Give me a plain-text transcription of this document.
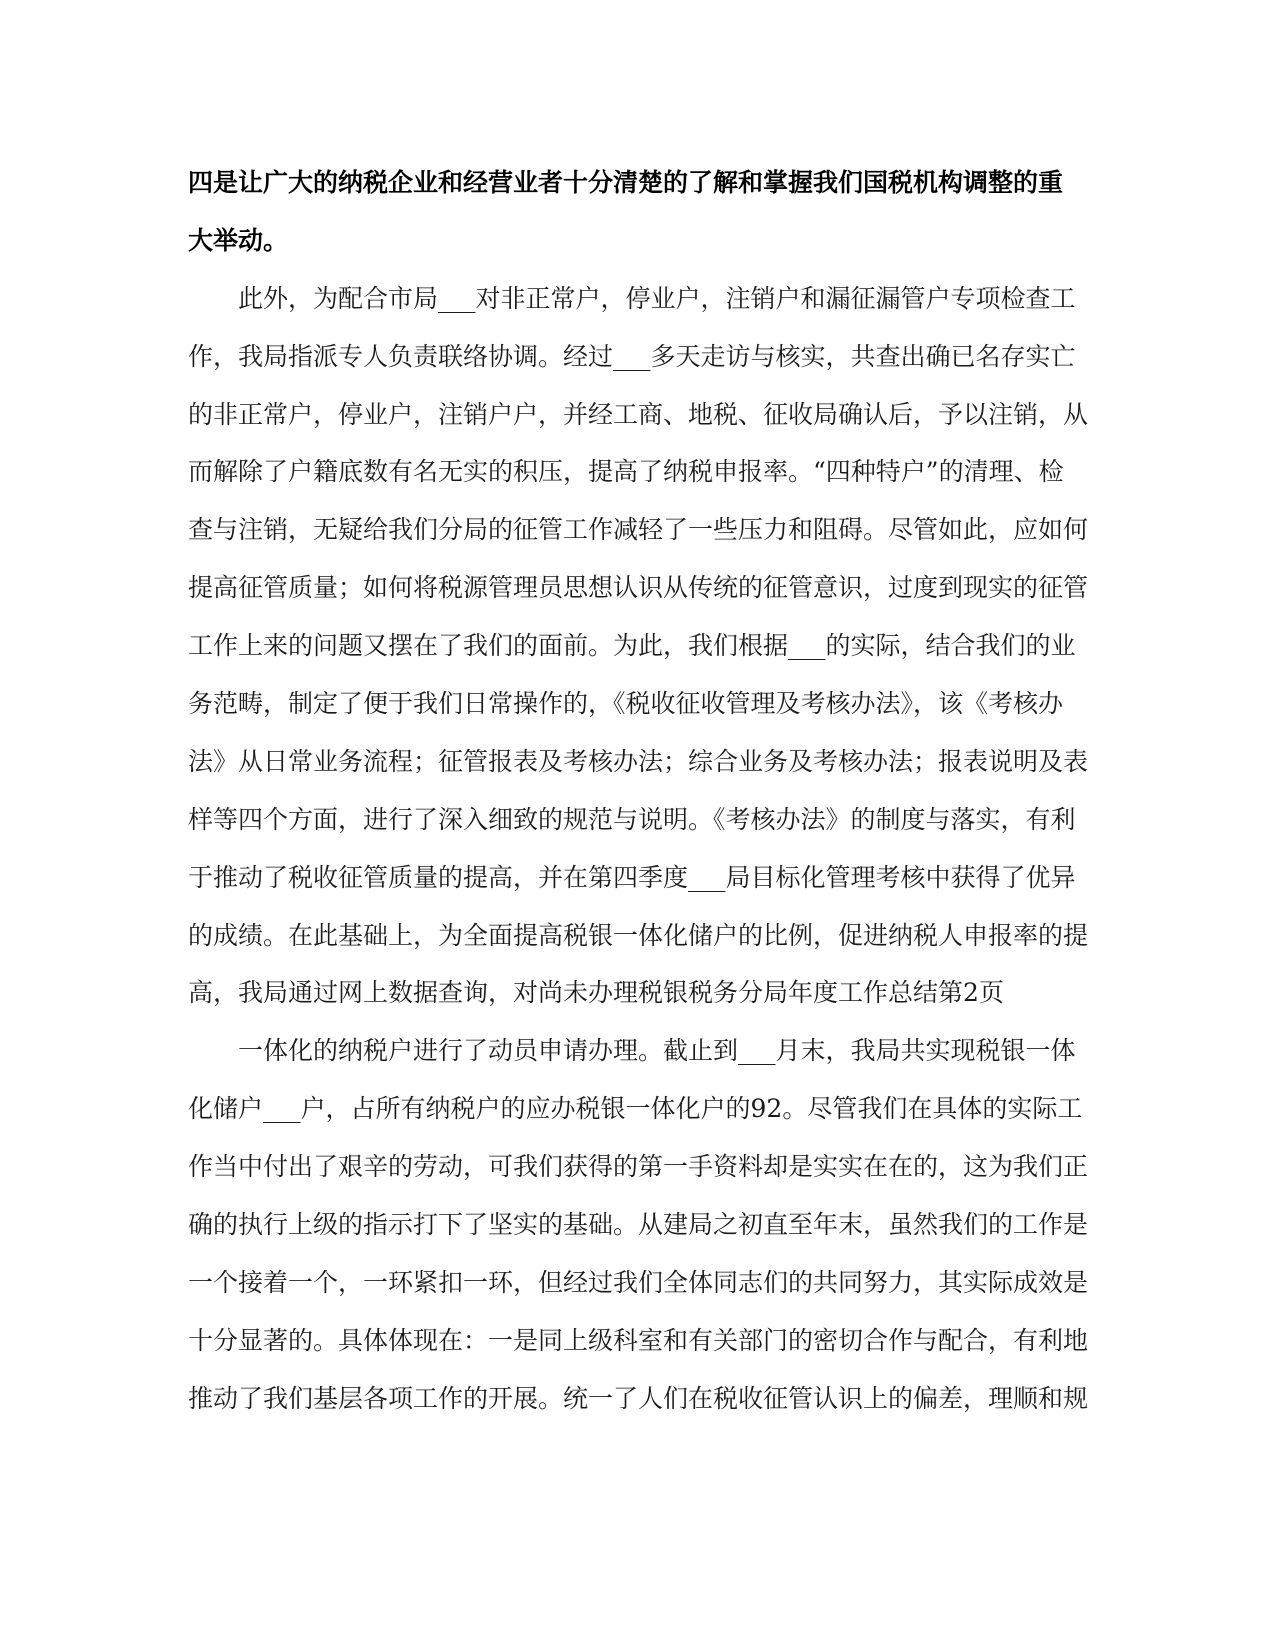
四是让广大的纳税企业和经营业者十分清楚的了解和掌握我们国税机构调整的重
大举动。
此外，为配合市局___对非正常户，停业户，注销户和漏征漏管户专项检查工
作，我局指派专人负责联络协调。经过___多天走访与核实，共查出确已名存实亡
的非正常户，停业户，注销户户，并经工商、地税、征收局确认后，予以注销，从
而解除了户籍底数有名无实的积压，提高了纳税申报率。“四种特户”的清理、检
查与注销，无疑给我们分局的征管工作减轻了一些压力和阻碍。尽管如此，应如何
提高征管质量；如何将税源管理员思想认识从传统的征管意识，过度到现实的征管
工作上来的问题又摆在了我们的面前。为此，我们根据___的实际，结合我们的业
务范畴，制定了便于我们日常操作的，《税收征收管理及考核办法》，该《考核办
法》从日常业务流程；征管报表及考核办法；综合业务及考核办法；报表说明及表
样等四个方面，进行了深入细致的规范与说明。《考核办法》的制度与落实，有利
于推动了税收征管质量的提高，并在第四季度___局目标化管理考核中获得了优异
的成绩。在此基础上，为全面提高税银一体化储户的比例，促进纳税人申报率的提
高，我局通过网上数据查询，对尚未办理税银税务分局年度工作总结第2页
一体化的纳税户进行了动员申请办理。截止到___月末，我局共实现税银一体
化储户___户，占所有纳税户的应办税银一体化户的92。尽管我们在具体的实际工
作当中付出了艰辛的劳动，可我们获得的第一手资料却是实实在在的，这为我们正
确的执行上级的指示打下了坚实的基础。从建局之初直至年末，虽然我们的工作是
一个接着一个，一环紧扣一环，但经过我们全体同志们的共同努力，其实际成效是
十分显著的。具体体现在：一是同上级科室和有关部门的密切合作与配合，有利地
推动了我们基层各项工作的开展。统一了人们在税收征管认识上的偏差，理顺和规
